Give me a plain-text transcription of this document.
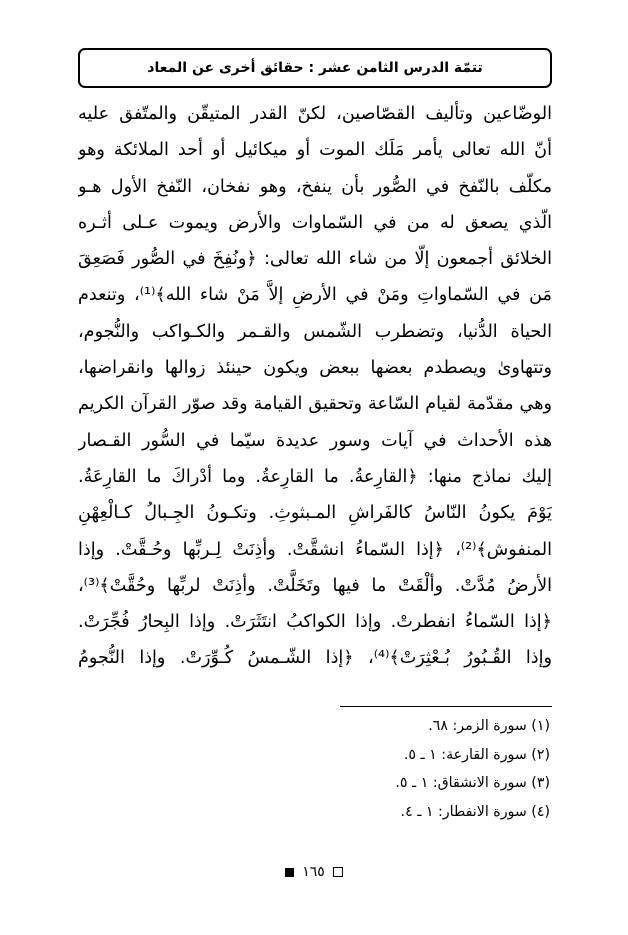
تتمّة الدرس الثامن عشر : حقائق أخرى عن المعاد
الوضّاعين وتأليف القصّاصين، لكنّ القدر المتيقّن والمتّفق عليه
أنّ الله تعالى يأمر مَلَك الموت أو ميكائيل أو أحد الملائكة وهو
مكلّف بالنّفخ في الصُّور بأن ينفخ، وهو نفخان، النّفخ الأول هـو
الّذي يصعق له من في السّماوات والأرض ويموت عـلى أثـره
الخلائق أجمعون إلّا من شاء الله تعالى: ﴿ونُفِخَ في الصُّور فَصَعِقَ
مَن في السّماواتِ ومَنْ في الأرضِ إلاَّ مَنْ شاء الله﴾⁽¹⁾، وتنعدم
الحياة الدُّنيا، وتضطرب الشّمس والقـمر والكـواكب والنُّجوم،
وتتهاوىٰ ويصطدم بعضها ببعض ويكون حينئذ زوالها وانقراضها،
وهي مقدّمة لقيام السّاعة وتحقيق القيامة وقد صوّر القرآن الكريم
هذه الأحداث في آيات وسور عديدة سيّما في السُّور القـصار
إليك نماذج منها: ﴿القارِعةُ. ما القارِعةُ. وما أدْراكَ ما القارِعَةُ.
يَوْمَ يكونُ النّاسُ كالفَراشِ المـبثوثِ. وتكـونُ الجِـبالُ كـالْعِهْنِ
المنفوش﴾⁽²⁾، ﴿إذا السّماءُ انشقَّتْ. وأذِنَتْ لِـربِّها وحُـقَّتْ. وإذا
الأرضُ مُدَّتْ. وألْقَتْ ما فيها وتَخَلَّتْ. وأذِنَتْ لربِّها وحُقَّتْ﴾⁽³⁾،
﴿إذا السّماءُ انفطرتْ. وإذا الكواكبُ انتَثَرَتْ. وإذا البِحارُ فُجِّرَتْ.
وإذا القُـبُورُ بُـعْثِرَتْ﴾⁽⁴⁾، ﴿إذا الشّـمسُ كُـوِّرَتْ. وإذا النُّجومُ
(١) سورة الزمر: ٦٨.
(٢) سورة القارعة: ١ ـ ٥.
(٣) سورة الانشقاق: ١ ـ ٥.
(٤) سورة الانفطار: ١ ـ ٤.
١٦٥
